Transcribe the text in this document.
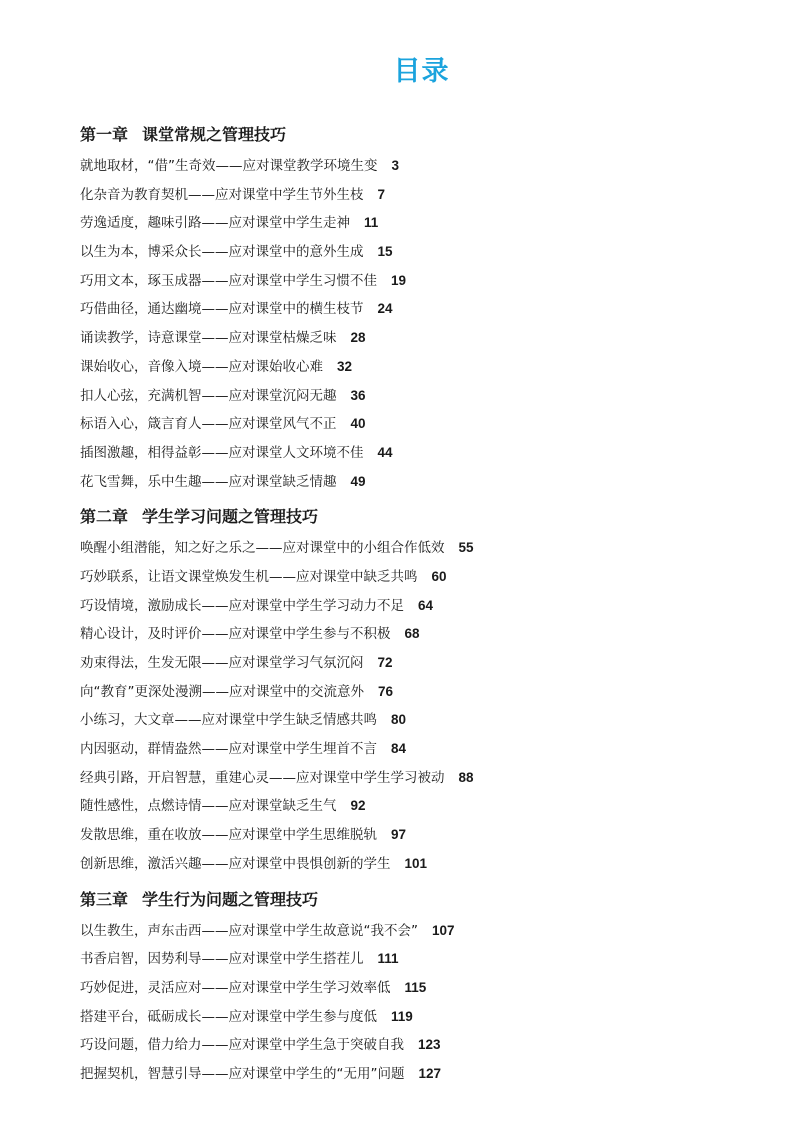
目录
第一章 课堂常规之管理技巧
就地取材，“借”生奇效——应对课堂教学环境生变 3
化杂音为教育契机——应对课堂中学生节外生枝 7
劳逸适度，趣味引路——应对课堂中学生走神 11
以生为本，博采众长——应对课堂中的意外生成 15
巧用文本，琢玉成器——应对课堂中学生习惯不佳 19
巧借曲径，通达幽境——应对课堂中的横生枝节 24
诵读教学，诗意课堂——应对课堂枯燥乏味 28
课始收心，音像入境——应对课始收心难 32
扣人心弦，充满机智——应对课堂沉闷无趣 36
标语入心，箴言育人——应对课堂风气不正 40
插图激趣，相得益彰——应对课堂人文环境不佳 44
花飞雪舞，乐中生趣——应对课堂缺乏情趣 49
第二章 学生学习问题之管理技巧
唤醒小组潜能，知之好之乐之——应对课堂中的小组合作低效 55
巧妙联系，让语文课堂焕发生机——应对课堂中缺乏共鸣 60
巧设情境，激励成长——应对课堂中学生学习动力不足 64
精心设计，及时评价——应对课堂中学生参与不积极 68
劝束得法，生发无限——应对课堂学习气氛沉闷 72
向“教育”更深处漫溯——应对课堂中的交流意外 76
小练习，大文章——应对课堂中学生缺乏情感共鸣 80
内因驱动，群情盎然——应对课堂中学生埋首不言 84
经典引路，开启智慧，重建心灵——应对课堂中学生学习被动 88
随性感性，点燃诗情——应对课堂缺乏生气 92
发散思维，重在收放——应对课堂中学生思维脱轨 97
创新思维，激活兴趣——应对课堂中畏惧创新的学生 101
第三章 学生行为问题之管理技巧
以生教生，声东击西——应对课堂中学生故意说“我不会” 107
书香启智，因势利导——应对课堂中学生搭茬儿 111
巧妙促进，灵活应对——应对课堂中学生学习效率低 115
搭建平台，砥砺成长——应对课堂中学生参与度低 119
巧设问题，借力给力——应对课堂中学生急于突破自我 123
把握契机，智慧引导——应对课堂中学生的“无用”问题 127
